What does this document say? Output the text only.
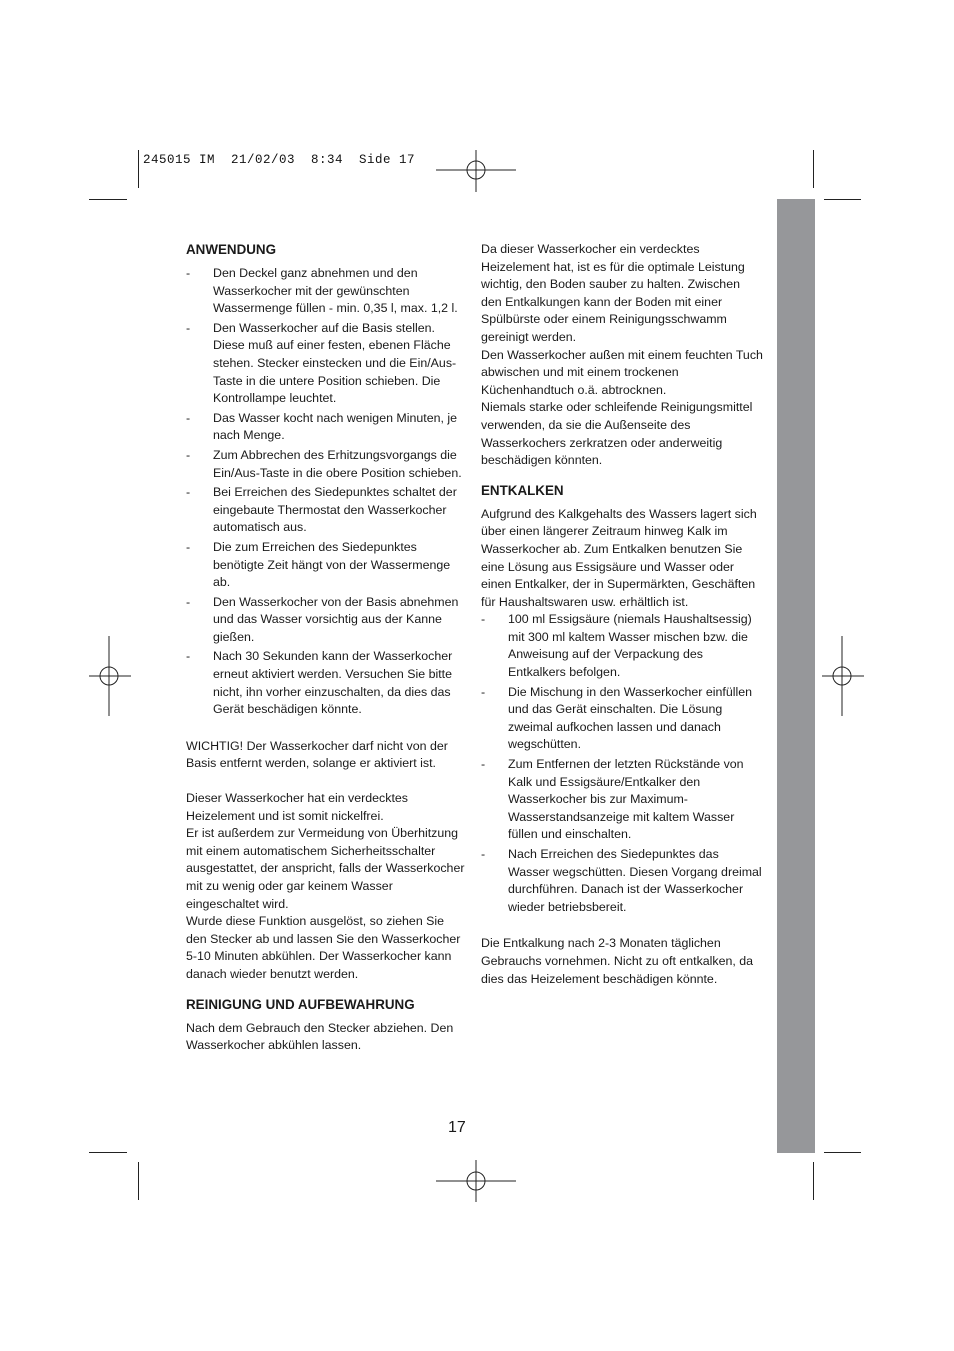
245015 IM  21/02/03  8:34  Side 17
ANWENDUNG
- Den Deckel ganz abnehmen und den Wasserkocher mit der gewünschten Wassermenge füllen - min. 0,35 l, max. 1,2 l.
- Den Wasserkocher auf die Basis stellen. Diese muß auf einer festen, ebenen Fläche stehen. Stecker einstecken und die Ein/Aus-Taste in die untere Position schieben. Die Kontrollampe leuchtet.
- Das Wasser kocht nach wenigen Minuten, je nach Menge.
- Zum Abbrechen des Erhitzungsvorgangs die Ein/Aus-Taste in die obere Position schieben.
- Bei Erreichen des Siedepunktes schaltet der eingebaute Thermostat den Wasserkocher automatisch aus.
- Die zum Erreichen des Siedepunktes benötigte Zeit hängt von der Wassermenge ab.
- Den Wasserkocher von der Basis abnehmen und das Wasser vorsichtig aus der Kanne gießen.
- Nach 30 Sekunden kann der Wasserkocher erneut aktiviert werden. Versuchen Sie bitte nicht, ihn vorher einzuschalten, da dies das Gerät beschädigen könnte.

WICHTIG! Der Wasserkocher darf nicht von der Basis entfernt werden, solange er aktiviert ist.

Dieser Wasserkocher hat ein verdecktes Heizelement und ist somit nickelfrei.

Er ist außerdem zur Vermeidung von Überhitzung mit einem automatischem Sicherheitsschalter ausgestattet, der anspricht, falls der Wasserkocher mit zu wenig oder gar keinem Wasser eingeschaltet wird.

Wurde diese Funktion ausgelöst, so ziehen Sie den Stecker ab und lassen Sie den Wasserkocher 5-10 Minuten abkühlen. Der Wasserkocher kann danach wieder benutzt werden.

REINIGUNG UND AUFBEWAHRUNG

Nach dem Gebrauch den Stecker abziehen. Den Wasserkocher abkühlen lassen.

Da dieser Wasserkocher ein verdecktes Heizelement hat, ist es für die optimale Leistung wichtig, den Boden sauber zu halten. Zwischen den Entkalkungen kann der Boden mit einer Spülbürste oder einem Reinigungsschwamm gereinigt werden.

Den Wasserkocher außen mit einem feuchten Tuch abwischen und mit einem trockenen Küchenhandtuch o.ä. abtrocknen.

Niemals starke oder schleifende Reinigungsmittel verwenden, da sie die Außenseite des Wasserkochers zerkratzen oder anderweitig beschädigen könnten.

ENTKALKEN

Aufgrund des Kalkgehalts des Wassers lagert sich über einen längerer Zeitraum hinweg Kalk im Wasserkocher ab. Zum Entkalken benutzen Sie eine Lösung aus Essigsäure und Wasser oder einen Entkalker, der in Supermärkten, Geschäften für Haushaltswaren usw. erhältlich ist.

- 100 ml Essigsäure (niemals Haushaltsessig) mit 300 ml kaltem Wasser mischen bzw. die Anweisung auf der Verpackung des Entkalkers befolgen.
- Die Mischung in den Wasserkocher einfüllen und das Gerät einschalten. Die Lösung zweimal aufkochen lassen und danach wegschütten.
- Zum Entfernen der letzten Rückstände von Kalk und Essigsäure/Entkalker den Wasserkocher bis zur Maximum-Wasserstandsanzeige mit kaltem Wasser füllen und einschalten.
- Nach Erreichen des Siedepunktes das Wasser wegschütten. Diesen Vorgang dreimal durchführen. Danach ist der Wasserkocher wieder betriebsbereit.

Die Entkalkung nach 2-3 Monaten täglichen Gebrauchs vornehmen. Nicht zu oft entkalken, da dies das Heizelement beschädigen könnte.

17
